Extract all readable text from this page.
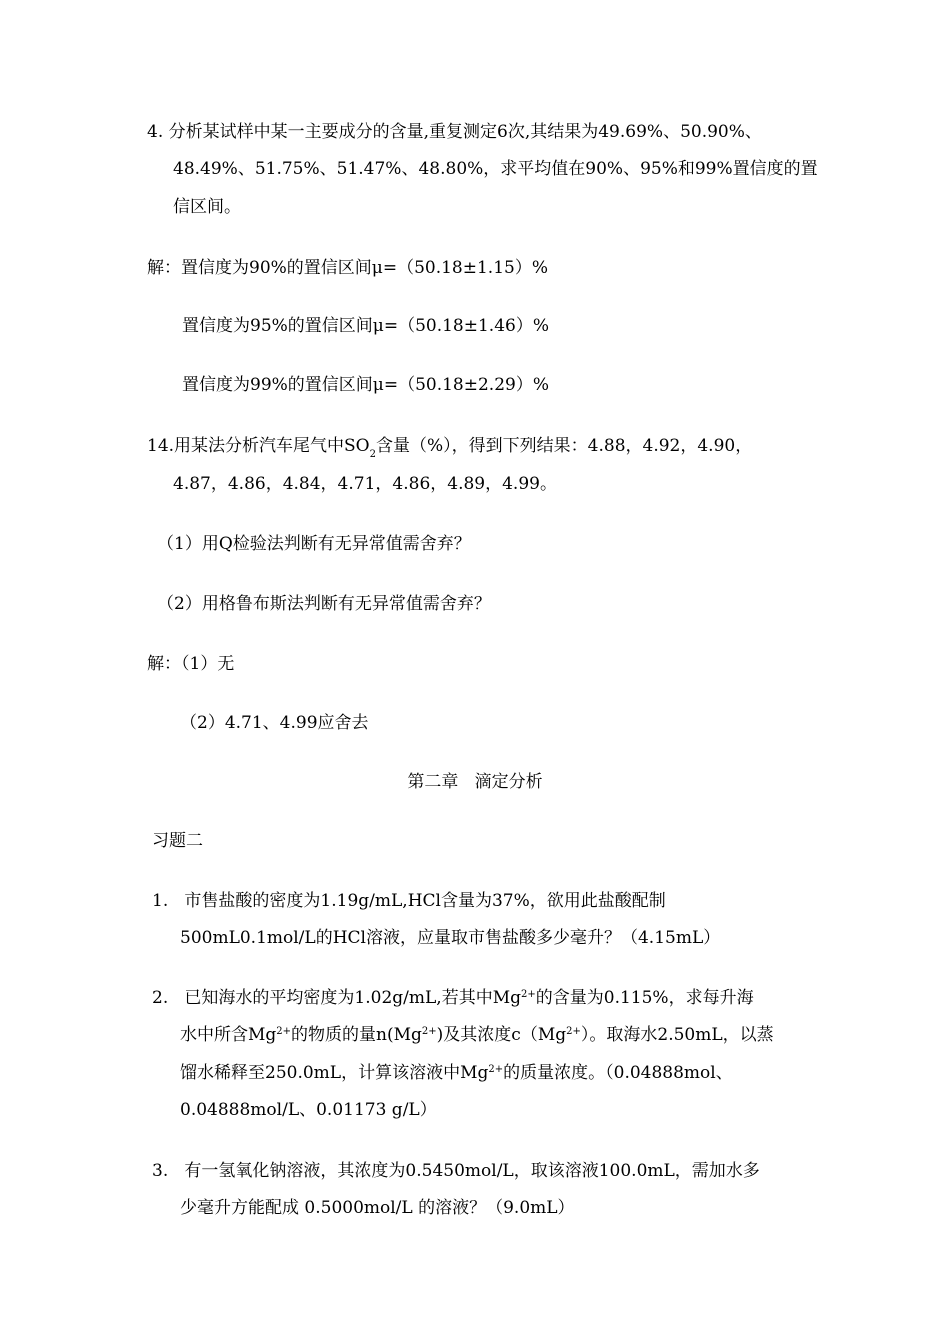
4. 分析某试样中某一主要成分的含量,重复测定6次,其结果为49.69%、50.90%、
48.49%、51.75%、51.47%、48.80%，求平均值在90%、95%和99%置信度的置
信区间。
解：置信度为90%的置信区间μ=（50.18±1.15）%
置信度为95%的置信区间μ=（50.18±1.46）%
置信度为99%的置信区间μ=（50.18±2.29）%
14.用某法分析汽车尾气中$SO_2$含量（%），得到下列结果：4.88，4.92，4.90，
4.87，4.86，4.84，4.71，4.86，4.89，4.99。
（1）用Q检验法判断有无异常值需舍弃？
（2）用格鲁布斯法判断有无异常值需舍弃？
解：（1）无
（2）4.71、4.99应舍去
第二章   滴定分析
习题二
1.   市售盐酸的密度为1.19g/mL,HCl含量为37%，欲用此盐酸配制
500mL0.1mol/L的HCl溶液，应量取市售盐酸多少毫升？（4.15mL）
2.   已知海水的平均密度为1.02g/mL,若其中$Mg^{2+}$的含量为0.115%，求每升海
水中所含$Mg^{2+}$的物质的量$n(Mg^{2+})$及其浓度$c(Mg^{2+})$。取海水2.50mL，以蒸
馏水稀释至250.0mL，计算该溶液中$Mg^{2+}$的质量浓度。（0.04888mol、
0.04888mol/L、0.01173 g/L）
3.   有一氢氧化钠溶液，其浓度为0.5450mol/L，取该溶液100.0mL，需加水多
少毫升方能配成 0.5000mol/L 的溶液？（9.0mL）
